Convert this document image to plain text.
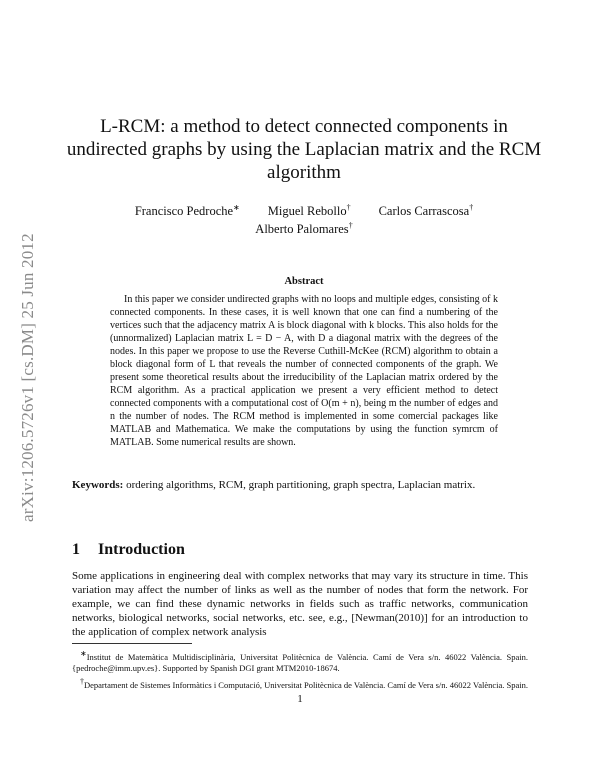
arXiv:1206.5726v1 [cs.DM] 25 Jun 2012
L-RCM: a method to detect connected components in undirected graphs by using the Laplacian matrix and the RCM algorithm
Francisco Pedroche∗ Miguel Rebollo† Carlos Carrascosa†
Alberto Palomares†
Abstract
In this paper we consider undirected graphs with no loops and multiple edges, consisting of k connected components. In these cases, it is well known that one can find a numbering of the vertices such that the adjacency matrix A is block diagonal with k blocks. This also holds for the (unnormalized) Laplacian matrix L = D − A, with D a diagonal matrix with the degrees of the nodes. In this paper we propose to use the Reverse Cuthill-McKee (RCM) algorithm to obtain a block diagonal form of L that reveals the number of connected components of the graph. We present some theoretical results about the irreducibility of the Laplacian matrix ordered by the RCM algorithm. As a practical application we present a very efficient method to detect connected components with a computational cost of O(m + n), being m the number of edges and n the number of nodes. The RCM method is implemented in some comercial packages like MATLAB and Mathematica. We make the computations by using the function symrcm of MATLAB. Some numerical results are shown.
Keywords: ordering algorithms, RCM, graph partitioning, graph spectra, Laplacian matrix.
1 Introduction
Some applications in engineering deal with complex networks that may vary its structure in time. This variation may affect the number of links as well as the number of nodes that form the network. For example, we can find these dynamic networks in fields such as traffic networks, communication networks, biological networks, social networks, etc. see, e.g., [Newman(2010)] for an introduction to the application of complex network analysis

∗Institut de Matemàtica Multidisciplinària, Universitat Politècnica de València. Camí de Vera s/n. 46022 València. Spain. {pedroche@imm.upv.es}. Supported by Spanish DGI grant MTM2010-18674.

†Departament de Sistemes Informàtics i Computació, Universitat Politècnica de València. Camí de Vera s/n. 46022 València. Spain.

1
